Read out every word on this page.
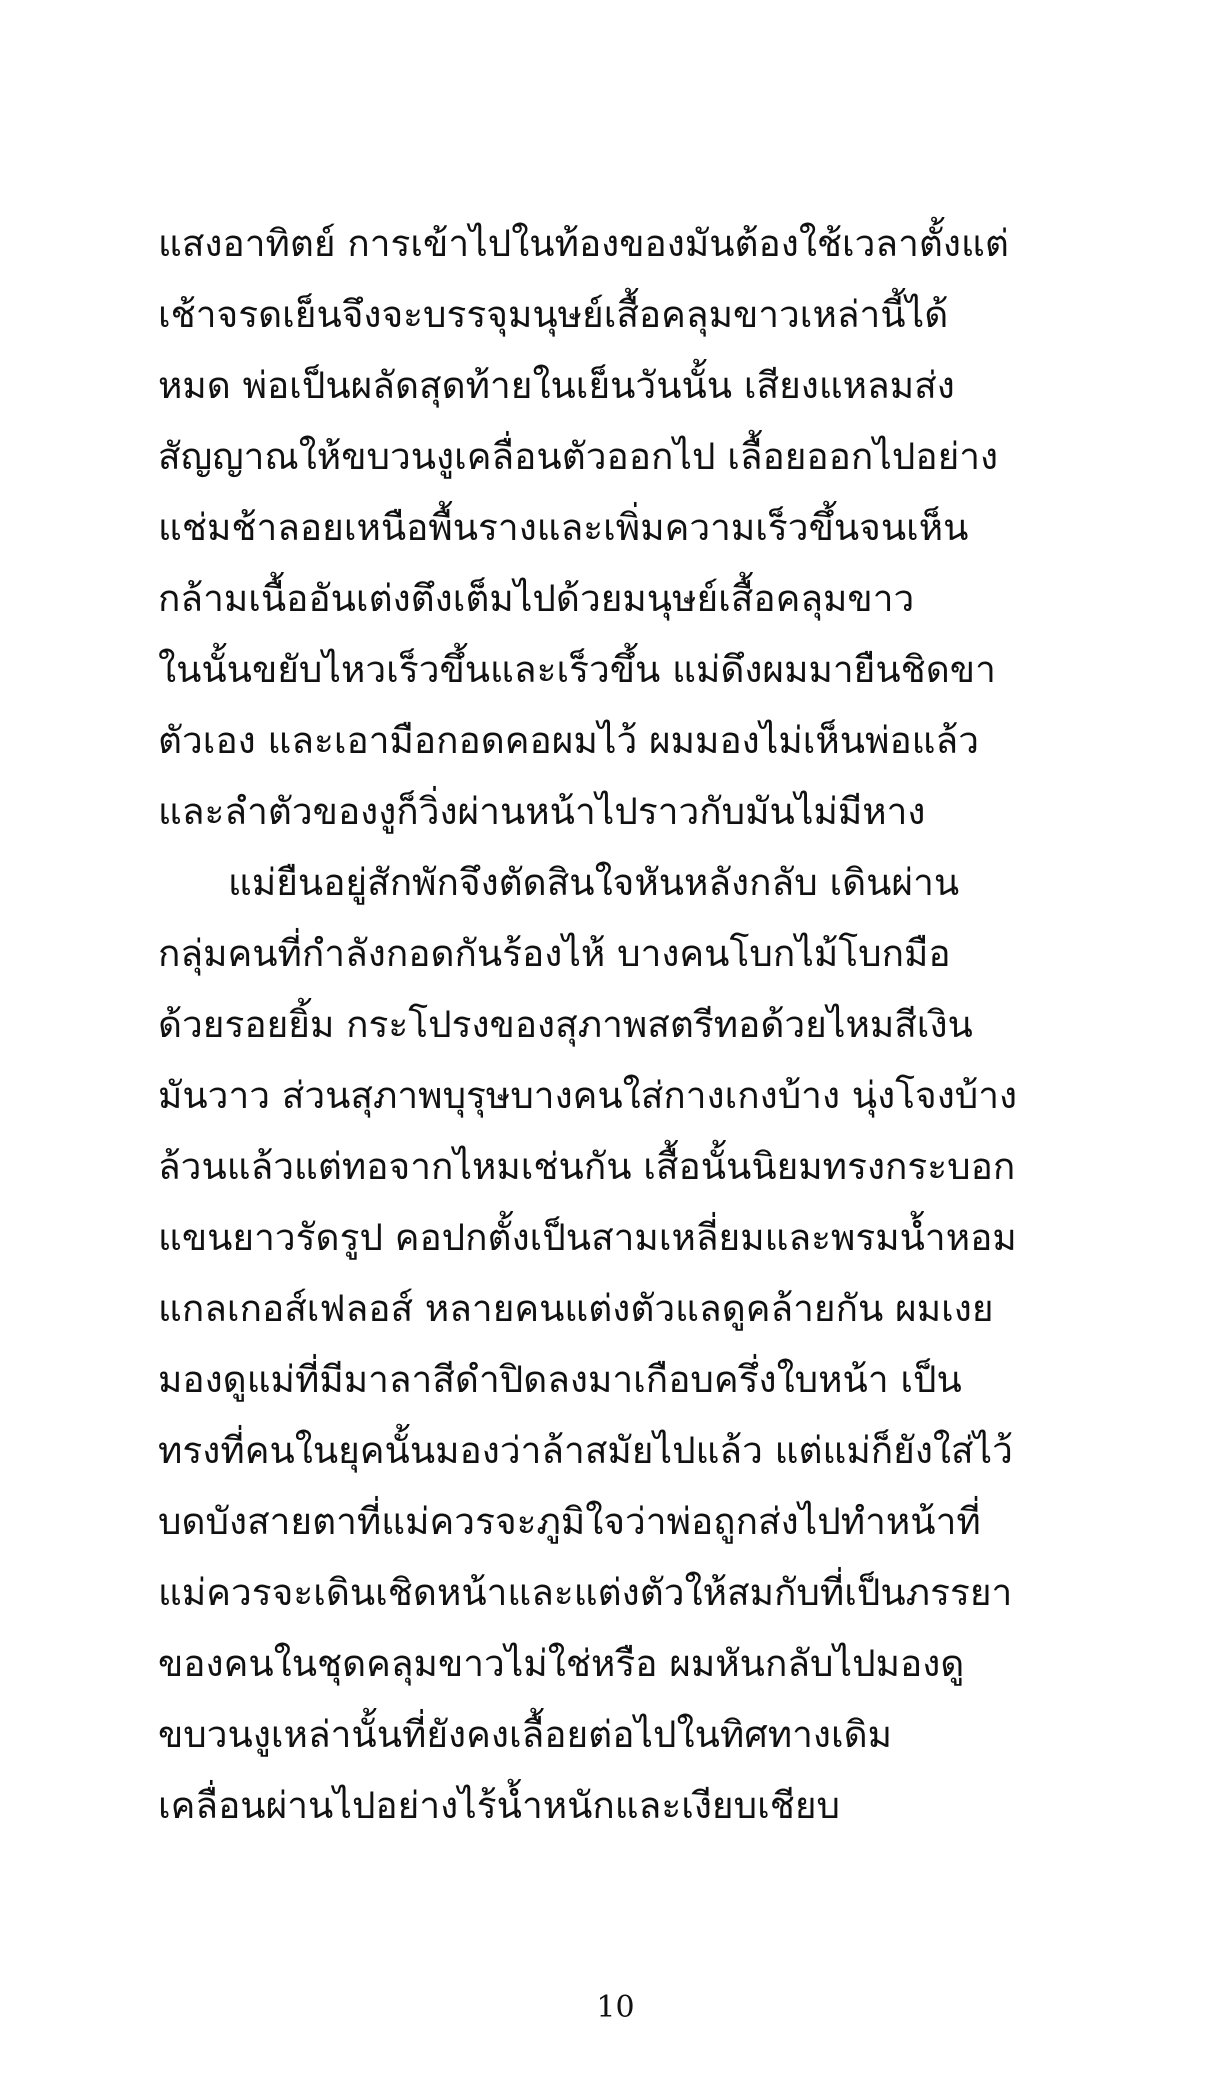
แสงอาทิตย์ การเข้าไปในท้องของมันต้องใช้เวลาตั้งแต่
เช้าจรดเย็นจึงจะบรรจุมนุษย์เสื้อคลุมขาวเหล่านี้ได้
หมด พ่อเป็นผลัดสุดท้ายในเย็นวันนั้น เสียงแหลมส่ง
สัญญาณให้ขบวนงูเคลื่อนตัวออกไป เลื้อยออกไปอย่าง
แช่มช้าลอยเหนือพื้นรางและเพิ่มความเร็วขึ้นจนเห็น
กล้ามเนื้ออันเต่งตึงเต็มไปด้วยมนุษย์เสื้อคลุมขาว
ในนั้นขยับไหวเร็วขึ้นและเร็วขึ้น แม่ดึงผมมายืนชิดขา
ตัวเอง และเอามือกอดคอผมไว้ ผมมองไม่เห็นพ่อแล้ว
และลำตัวของงูก็วิ่งผ่านหน้าไปราวกับมันไม่มีหาง
แม่ยืนอยู่สักพักจึงตัดสินใจหันหลังกลับ เดินผ่าน
กลุ่มคนที่กำลังกอดกันร้องไห้ บางคนโบกไม้โบกมือ
ด้วยรอยยิ้ม กระโปรงของสุภาพสตรีทอด้วยไหมสีเงิน
มันวาว ส่วนสุภาพบุรุษบางคนใส่กางเกงบ้าง นุ่งโจงบ้าง
ล้วนแล้วแต่ทอจากไหมเช่นกัน เสื้อนั้นนิยมทรงกระบอก
แขนยาวรัดรูป คอปกตั้งเป็นสามเหลี่ยมและพรมน้ำหอม
แกลเกอส์เฟลอส์ หลายคนแต่งตัวแลดูคล้ายกัน ผมเงย
มองดูแม่ที่มีมาลาสีดำปิดลงมาเกือบครึ่งใบหน้า เป็น
ทรงที่คนในยุคนั้นมองว่าล้าสมัยไปแล้ว แต่แม่ก็ยังใส่ไว้
บดบังสายตาที่แม่ควรจะภูมิใจว่าพ่อถูกส่งไปทำหน้าที่
แม่ควรจะเดินเชิดหน้าและแต่งตัวให้สมกับที่เป็นภรรยา
ของคนในชุดคลุมขาวไม่ใช่หรือ ผมหันกลับไปมองดู
ขบวนงูเหล่านั้นที่ยังคงเลื้อยต่อไปในทิศทางเดิม
เคลื่อนผ่านไปอย่างไร้น้ำหนักและเงียบเชียบ
10
